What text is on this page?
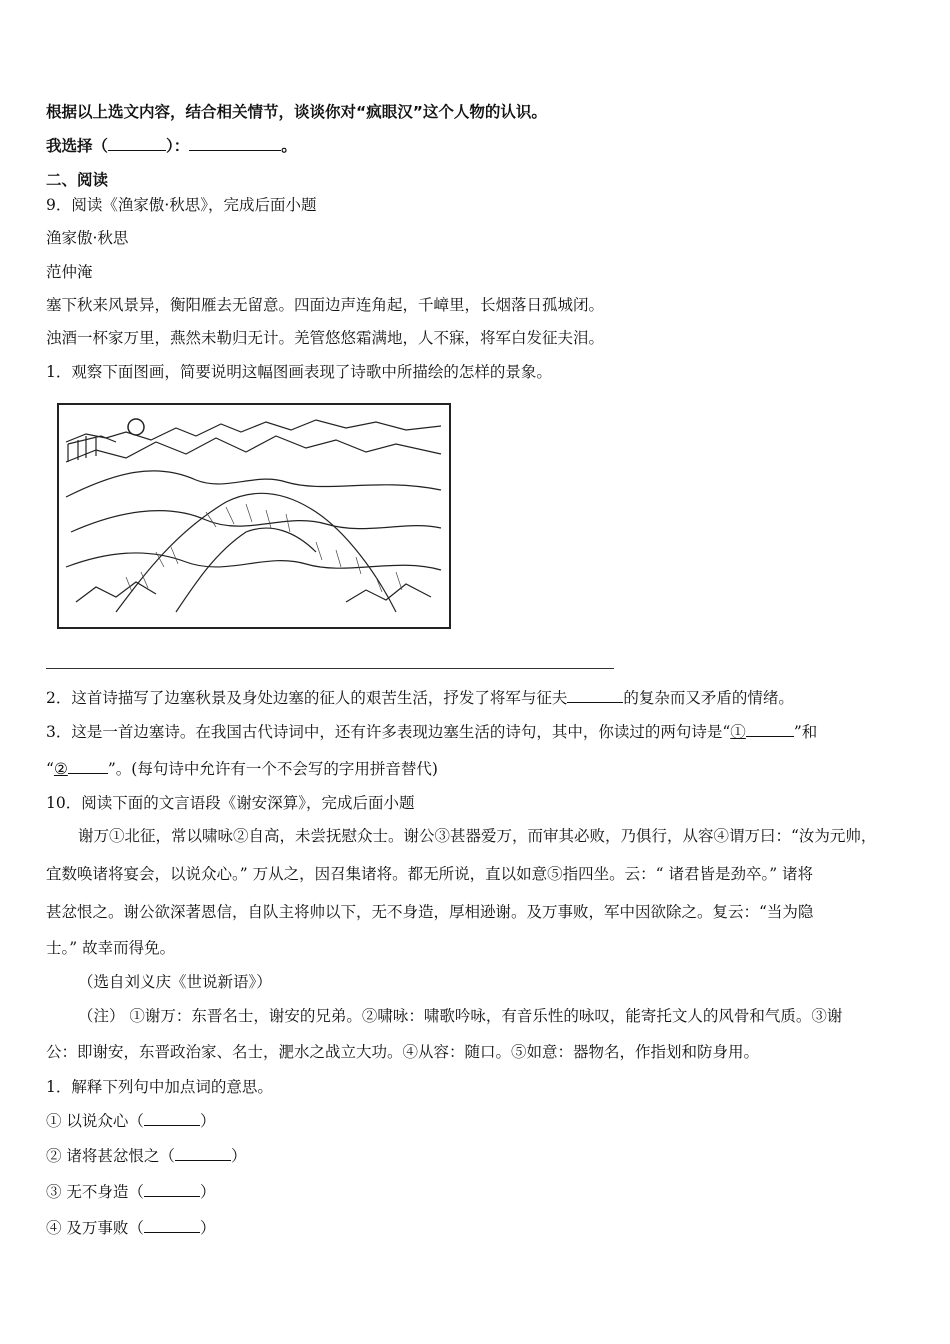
根据以上选文内容，结合相关情节，谈谈你对“疯眼汉”这个人物的认识。
我选择（	）：	。
二、阅读
9．阅读《渔家傲·秋思》，完成后面小题
渔家傲·秋思
范仲淹
塞下秋来风景异，衡阳雁去无留意。四面边声连角起，千嶂里，长烟落日孤城闭。
浊酒一杯家万里，燕然未勒归无计。羌管悠悠霜满地，人不寐，将军白发征夫泪。
1．观察下面图画，简要说明这幅图画表现了诗歌中所描绘的怎样的景象。
2．这首诗描写了边塞秋景及身处边塞的征人的艰苦生活，抒发了将军与征夫	的复杂而又矛盾的情绪。
3．这是一首边塞诗。在我国古代诗词中，还有许多表现边塞生活的诗句，其中，你读过的两句诗是“①	”和
“②	”。(每句诗中允许有一个不会写的字用拼音替代)
10．阅读下面的文言语段《谢安深算》，完成后面小题
谢万①北征，常以啸咏②自高，未尝抚慰众士。谢公③甚器爱万，而审其必败，乃俱行，从容④谓万曰：“汝为元帅，
宜数唤诸将宴会，以说众心。” 万从之，因召集诸将。都无所说，直以如意⑤指四坐。云：“ 诸君皆是劲卒。” 诸将
甚忿恨之。谢公欲深著恩信，自队主将帅以下，无不身造，厚相逊谢。及万事败，军中因欲除之。复云：“当为隐
士。” 故幸而得免。
（选自刘义庆《世说新语》）
（注） ①谢万：东晋名士，谢安的兄弟。②啸咏：啸歌吟咏，有音乐性的咏叹，能寄托文人的风骨和气质。③谢
公：即谢安，东晋政治家、名士，淝水之战立大功。④从容：随口。⑤如意：器物名，作指划和防身用。
1．解释下列句中加点词的意思。
① 以说众心（	）
② 诸将甚忿恨之（	）
③ 无不身造（	）
④ 及万事败（	）
